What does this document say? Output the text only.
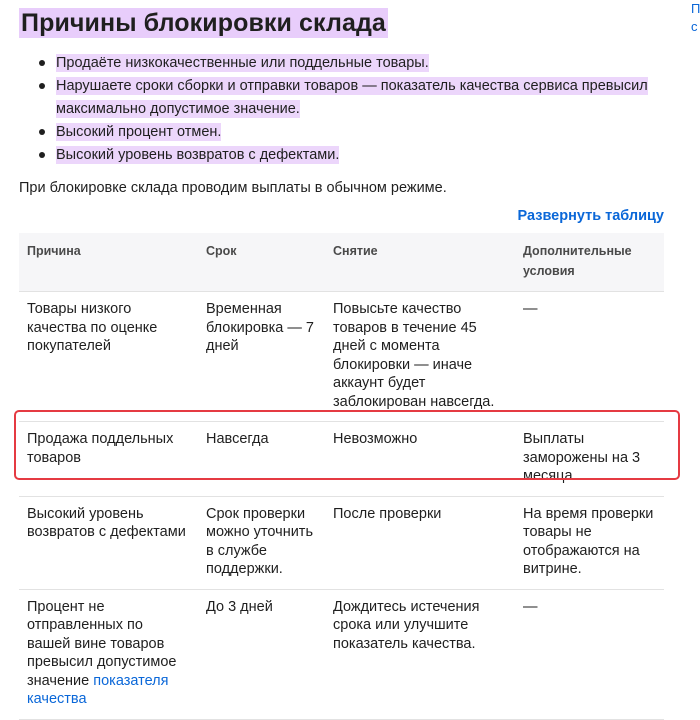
Причины блокировки склада
П
с
Продаёте низкокачественные или поддельные товары.
Нарушаете сроки сборки и отправки товаров — показатель качества сервиса превысил максимально допустимое значение.
Высокий процент отмен.
Высокий уровень возвратов с дефектами.
При блокировке склада проводим выплаты в обычном режиме.
Развернуть таблицу
Причина	Срок	Снятие	Дополнительные условия
Товары низкого качества по оценке покупателей	Временная блокировка — 7 дней	Повысьте качество товаров в течение 45 дней с момента блокировки — иначе аккаунт будет заблокирован навсегда.	—
Продажа поддельных товаров	Навсегда	Невозможно	Выплаты заморожены на 3 месяца
Высокий уровень возвратов с дефектами	Срок проверки можно уточнить в службе поддержки.	После проверки	На время проверки товары не отображаются на витрине.
Процент не отправленных по вашей вине товаров превысил допустимое значение показателя качества	До 3 дней	Дождитесь истечения срока или улучшите показатель качества.	—
